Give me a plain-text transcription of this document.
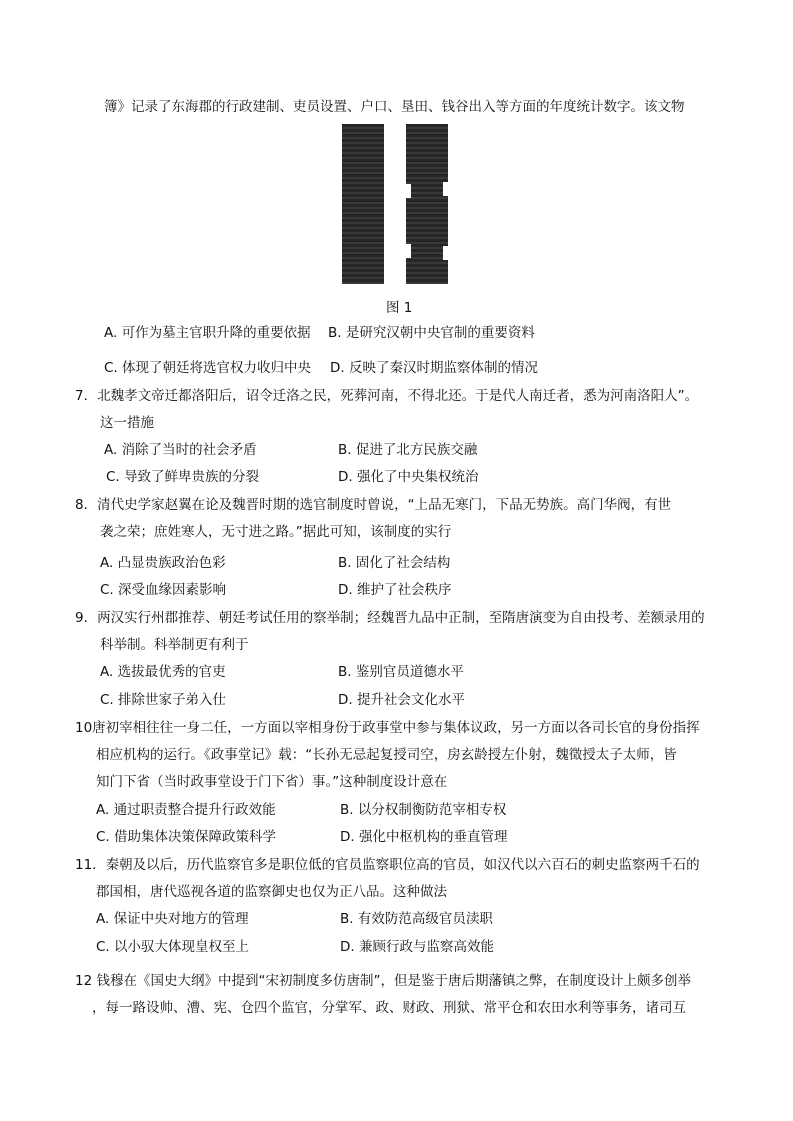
簿》记录了东海郡的行政建制、吏员设置、户口、垦田、钱谷出入等方面的年度统计数字。该文物
图 1
A. 可作为墓主官职升降的重要依据 B. 是研究汉朝中央官制的重要资料
C. 体现了朝廷将选官权力收归中央 D. 反映了秦汉时期监察体制的情况
7．北魏孝文帝迁都洛阳后，诏令迁洛之民，死葬河南，不得北还。于是代人南迁者，悉为河南洛阳人”。
这一措施
A. 消除了当时的社会矛盾	B. 促进了北方民族交融
C. 导致了鲜卑贵族的分裂	D. 强化了中央集权统治
8．清代史学家赵翼在论及魏晋时期的选官制度时曾说，“上品无寒门，下品无势族。高门华阀，有世
袭之荣；庶姓寒人，无寸进之路。”据此可知，该制度的实行
A. 凸显贵族政治色彩	B. 固化了社会结构
C. 深受血缘因素影响	D. 维护了社会秩序
9．两汉实行州郡推荐、朝廷考试任用的察举制；经魏晋九品中正制，至隋唐演变为自由投考、差额录用的
科举制。科举制更有利于
A. 选拔最优秀的官吏	B. 鉴别官员道德水平
C. 排除世家子弟入仕	D. 提升社会文化水平
10唐初宰相往往一身二任，一方面以宰相身份于政事堂中参与集体议政，另一方面以各司长官的身份指挥
相应机构的运行。《政事堂记》载：“长孙无忌起复授司空，房玄龄授左仆射，魏徵授太子太师，皆
知门下省（当时政事堂设于门下省）事。”这种制度设计意在
A. 通过职责整合提升行政效能	B. 以分权制衡防范宰相专权
C. 借助集体决策保障政策科学	D. 强化中枢机构的垂直管理
11．秦朝及以后，历代监察官多是职位低的官员监察职位高的官员，如汉代以六百石的刺史监察两千石的
郡国相，唐代巡视各道的监察御史也仅为正八品。这种做法
A. 保证中央对地方的管理	B. 有效防范高级官员渎职
C. 以小驭大体现皇权至上	D. 兼顾行政与监察高效能
12 钱穆在《国史大纲》中提到“宋初制度多仿唐制”，但是鉴于唐后期藩镇之弊，在制度设计上颇多创举
，每一路设帅、漕、宪、仓四个监官，分掌军、政、财政、刑狱、常平仓和农田水利等事务，诸司互
